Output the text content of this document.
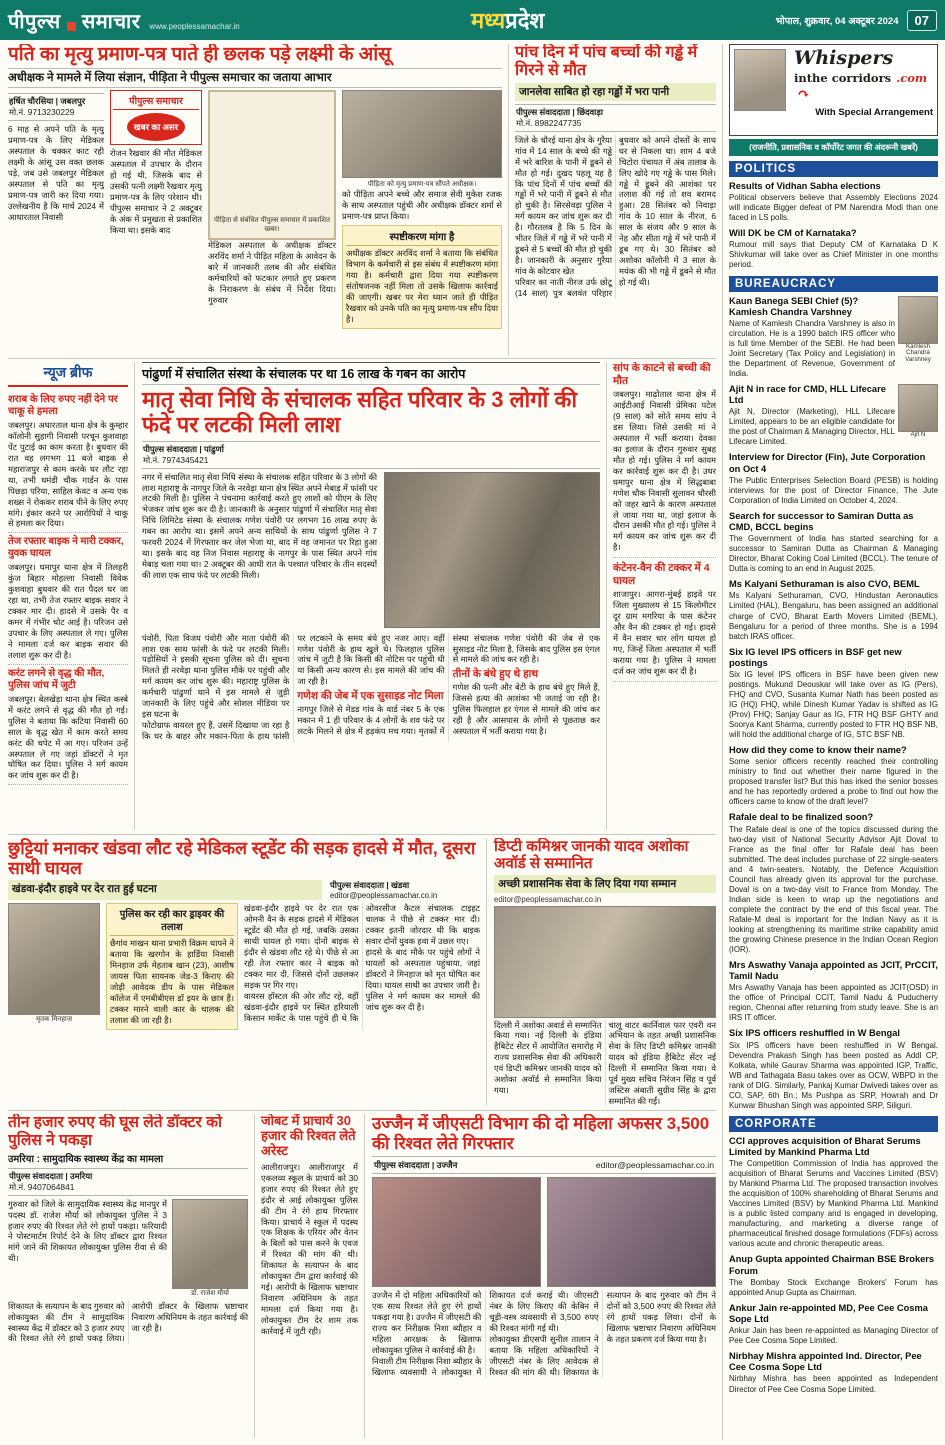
पीपुल्स समाचार www.peoplessamachar.in	मध्यप्रदेश	भोपाल, शुक्रवार, 04 अक्टूबर 2024	07
पति का मृत्यु प्रमाण-पत्र पाते ही छलक पड़े लक्ष्मी के आंसू
अधीक्षक ने मामले में लिया संज्ञान, पीड़िता ने पीपुल्स समाचार का जताया आभार
हर्षित चौरसिया | जबलपुर
मो.नं. 9713230229

6 माह से अपने पति के मृत्यु प्रमाण-पत्र के लिए मेडिकल अस्पताल के चक्कर काट रही लक्ष्मी के आंसू उस वक्त छलक पड़े, जब उसे जबलपुर मेडिकल अस्पताल से पति का मृत्यु प्रमाण-पत्र जारी कर दिया गया। उल्लेखनीय है कि मार्च 2024 में आधारताल निवासी

पीपुल्स समाचार
खबर का असर

रोजन रैखवार की मौत मेडिकल अस्पताल में उपचार के दौरान हो गई थी, जिसके बाद से उसकी पत्नी लक्ष्मी रैखवार मृत्यु प्रमाण-पत्र के लिए परेशान थी। पीपुल्स समाचार ने 2 अक्टूबर के अंक में प्रमुखता से प्रकाशित किया था। इसके बाद

पीड़िता से संबंधित पीपुल्स समाचार में प्रकाशित खबर।

मेडिकल अस्पताल के अधीक्षक डॉक्टर अरविंद शर्मा ने पीड़ित महिला के आवेदन के बारे में जानकारी तलब की और संबंधित कर्मचारियों को फटकार लगाते हुए प्रकरण के निराकरण के संबंध में निर्देश दिया। गुरुवार

पीड़िता को मृत्यु प्रमाण-पत्र सौंपते अधीक्षक।

को पीड़िता अपने बच्चे और समाज सेवी मुकेश रजक के साथ अस्पताल पहुंची और अधीक्षक डॉक्टर शर्मा से प्रमाण-पत्र प्राप्त किया।

स्पष्टीकरण मांगा है

अधीक्षक डॉक्टर अरविंद शर्मा ने बताया कि संबंधित विभाग के कर्मचारी से इस संबंध में स्पष्टीकरण मांगा गया है। कर्मचारी द्वारा दिया गया स्पष्टीकरण संतोषजनक नहीं मिला तो उसके खिलाफ कार्रवाई की जाएगी। खबर पर मेरा ध्यान जाते ही पीड़ित रैखवार को उनके पति का मृत्यु प्रमाण-पत्र सौंप दिया है।

पांच दिन में पांच बच्चों की गड्ढे में गिरने से मौत
जानलेवा साबित हो रहा गड्ढों में भरा पानी
पीपुल्स संवाददाता | छिंदवाड़ा
मो.नं. 8982247735

जिले के चौरई थाना क्षेत्र के गुरैया गांव में 14 साल के बच्चे की गड्ढे में भरे बारिश के पानी में डूबने से मौत हो गई। दुखद पहलू यह है कि पांच दिनों में पांच बच्चों की गड्ढों में भरे पानी में डूबने से मौत हो चुकी है। सिरसेवड़ा पुलिस ने मर्ग कायम कर जांच शुरू कर दी है। गौरतलब है कि 5 दिन के भीतर जिले में गड्ढे में भरे पानी में डूबने से 5 बच्चों की मौत हो चुकी है। जानकारी के अनुसार गुरैया गांव के कोटवार खेत

परिवार का नाती नीरज उर्फ छोटू (14 साल) पुत्र बलवंत परिहार बुधवार को अपने दोस्तों के साथ घर से निकला था। शाम 4 बजे चिटोरा पंचायत में अंब तालाब के लिए खोदे गए गड्ढे के पास मिले। गड्ढे में डूबने की आशंका पर तलाश की गई तो शव बरामद हुआ। 28 सितंबर को निवाड़ा गांव के 10 साल के नीरज, 6 साल के संजय और 9 साल के नेह और सीता गड्ढे में भरे पानी में डूब गए थे। 30 सितंबर को अशोका कॉलोनी में 3 साल के मयंक की भी गड्ढे में डूबने से मौत हो गई थी।

Whispers
inthe corridors .com ↷
With Special Arrangement
(राजनीति, प्रशासनिक व कॉर्पोरेट जगत की अंदरूनी खबरें)
POLITICS
Results of Vidhan Sabha elections
Political observers believe that Assembly Elections 2024 will indicate Bigger defeat of PM Narendra Modi than one faced in LS polls.
Will DK be CM of Karnataka?
Rumour mill says that Deputy CM of Karnataka D K Shivkumar will take over as Chief Minister in one months period.
BUREAUCRACY
Kamlesh Chandra Varshney
Kaun Banega SEBI Chief (5)? Kamlesh Chandra Varshney
Name of Kamlesh Chandra Varshney is also in circulation. He is a 1990 batch IRS officer who is full time Member of the SEBI. He had been Joint Secretary (Tax Policy and Legislation) in the Department of Revenue, Government of India.
Ajit N
Ajit N in race for CMD, HLL Lifecare Ltd
Ajit N, Director (Marketing), HLL Lifecare Limited, appears to be an eligible candidate for the post of Chairman & Managing Director, HLL Lifecare Limited.
Interview for Director (Fin), Jute Corporation on Oct 4
The Public Enterprises Selection Board (PESB) is holding interviews for the post of Director Finance, The Jute Corporation of India Limited on October 4, 2024.
Search for successor to Samiran Dutta as CMD, BCCL begins
The Government of India has started searching for a successor to Samiran Dutta as Chairman & Managing Director, Bharat Coking Coal Limited (BCCL). The tenure of Dutta is coming to an end in August 2025.
Ms Kalyani Sethuraman is also CVO, BEML
Ms Kalyani Sethuraman, CVO, Hindustan Aeronautics Limited (HAL), Bengaluru, has been assigned an additional charge of CVO, Bharat Earth Movers Limited (BEML), Bengaluru for a period of three months. She is a 1994 batch IRAS officer.
Six IG level IPS officers in BSF get new postings
Six IG level IPS officers in BSF have been given new postings. Mukund Deouskar will take over as IG (Pers), FHQ and CVO, Susanta Kumar Nath has been posted as IG (HQ) FHQ, while Dinesh Kumar Yadav is shifted as IG (Prov) FHQ; Sanjay Gaur as IG, FTR HQ BSF GHTY and Soorya Kant Sharma, currently posted to FTR HQ BSF NB, will hold the additional charge of IG, STC BSF NB.
How did they come to know their name?
Some senior officers recently reached their controlling ministry to find out whether their name figured in the proposed transfer list? But this has irked the senior bosses and he has reportedly ordered a probe to find out how the officers came to know of the draft level?
Rafale deal to be finalized soon?
The Rafale deal is one of the topics discussed during the two-day visit of National Security Advisor Ajit Doval to France as the final offer for Rafale deal has been submitted. The deal includes purchase of 22 single-seaters and 4 twin-seaters. Notably, the Defence Acquisition Council has already given its approval for the purchase. Doval is on a two-day visit to France from Monday. The Indian side is keen to wrap up the negotiations and complete the contract by the end of this fiscal year. The Rafale-M deal is important for the Indian Navy as it is looking at strengthening its maritime strike capability amid the growing Chinese presence in the Indian Ocean Region (IOR).
Mrs Aswathy Vanaja appointed as JCIT, PrCCIT, Tamil Nadu
Mrs Aswathy Vanaja has been appointed as JCIT(OSD) in the office of Principal CCIT, Tamil Nadu & Puducherry region, Chennai after returning from study leave. She is an IRS IT officer.
Six IPS officers reshuffled in W Bengal
Six IPS officers have been reshuffled in W Bengal. Devendra Prakash Singh has been posted as Addl CP, Kolkata, while Gaurav Sharma was appointed IGP, Traffic, WB and Tathagata Basu takes over as OCW, WBPD in the rank of DIG. Similarly, Pankaj Kumar Dwivedi takes over as CO, SAP, 6th Bn.; Ms Pushpa as SRP, Howrah and Dr Kunwar Bhushan Singh was appointed SRP, Siliguri.
CORPORATE
CCI approves acquisition of Bharat Serums Limited by Mankind Pharma Ltd
The Competition Commission of India has approved the acquisition of Bharat Serums and Vaccines Limited (BSV) by Mankind Pharma Ltd. The proposed transaction involves the acquisition of 100% shareholding of Bharat Serums and Vaccines Limited (BSV) by Mankind Pharma Ltd. Mankind is a public listed company and is engaged in developing, manufacturing, and marketing a diverse range of pharmaceutical finished dosage formulations (FDFs) across various acute and chronic therapeutic areas.
Anup Gupta appointed Chairman BSE Brokers Forum
The Bombay Stock Exchange Brokers' Forum has appointed Anup Gupta as Chairman.
Ankur Jain re-appointed MD, Pee Cee Cosma Sope Ltd
Ankur Jain has been re-appointed as Managing Director of Pee Cee Cosma Sope Limited.
Nirbhay Mishra appointed Ind. Director, Pee Cee Cosma Sope Ltd
Nirbhay Mishra has been appointed as Independent Director of Pee Cee Cosma Sope Limited.
न्यूज ब्रीफ
शराब के लिए रुपए नहीं देने पर चाकू से हमला

जबलपुर। अधारताल थाना क्षेत्र के कुम्हार कॉलोनी सुहागी निवासी परचून कुशवाहा पेंट पुटाई का काम करता है। बुधवार की रात वह लगभग 11 बजे बाइक से महाराजपुर से काम करके घर लौट रहा था, तभी घमंडी चौक गार्डन के पास पिछड़ा परिया, साहिल केवट व अन्य एक शख्स ने रोककर शराब पीने के लिए रुपए मांगे। इंकार करने पर आरोपियों ने चाकू से हमला कर दिया।

तेज रफ्तार बाइक ने मारी टक्कर, युवक घायल

जबलपुर। घमापुर थाना क्षेत्र में तिलहरी कुंज बिहार मोहल्ला निवासी विवेक कुशवाहा बुधवार की रात पैदल घर जा रहा था, तभी तेज रफ्तार बाइक सवार ने टक्कर मार दी। हादसे में उसके पैर व कमर में गंभीर चोट आई है। परिजन उसे उपचार के लिए अस्पताल ले गए। पुलिस ने मामला दर्ज कर बाइक सवार की तलाश शुरू कर दी है।

करंट लगने से वृद्ध की मौत, पुलिस जांच में जुटी

जबलपुर। बेलखेड़ा थाना क्षेत्र स्थित कस्बे में करंट लगने से वृद्ध की मौत हो गई। पुलिस ने बताया कि कटिया निवासी 60 साल के वृद्ध खेत में काम करते समय करंट की चपेट में आ गए। परिजन उन्हें अस्पताल ले गए जहां डॉक्टरों ने मृत घोषित कर दिया। पुलिस ने मर्ग कायम कर जांच शुरू कर दी है।

पांढुर्णा में संचालित संस्था के संचालक पर था 16 लाख के गबन का आरोप
मातृ सेवा निधि के संचालक सहित परिवार के 3 लोगों की फंदे पर लटकी मिली लाश
पीपुल्स संवाददाता | पांढुर्णा
मो.नं. 7974345421

नगर में संचालित मातृ सेवा निधि संस्था के संचालक सहित परिवार के 3 लोगों की लाश महाराष्ट्र के नागपुर जिले के नरवेड़ा थाना क्षेत्र स्थित अपने मेबाड़ में फांसी पर लटकी मिली है। पुलिस ने पंचनामा कार्रवाई करते हुए लाशों को पीएम के लिए भेजकर जांच शुरू कर दी है। जानकारी के अनुसार पांढुर्णा में संचालित मातृ सेवा निधि लिमिटेड संस्था के संचालक गणेश पंवोरी पर लगभग 16 लाख रुपए के गबन का आरोप था। इसमें अपने अन्य साथियों के साथ पांढुर्णा पुलिस ने 7 फरवरी 2024 में गिरफ्तार कर जेल भेजा था, बाद में वह जमानत पर रिहा हुआ था। इसके बाद वह निज निवास महाराष्ट्र के नागपुर के पास स्थित अपने गांव मेबाड़ चला गया था। 2 अक्टूबर की आधी रात के पश्चात परिवार के तीन सदस्यों की लाश एक साथ फंदे पर लटकी मिली।

पंवोरी, पिता विजय पंवोरी और माता पंवोरी की लाश एक साथ फांसी के फंदे पर लटकी मिली। पड़ोसियों ने इसकी सूचना पुलिस को दी। सूचना मिलते ही नरवेड़ा थाना पुलिस मौके पर पहुंची और मर्ग कायम कर जांच शुरू की। महाराष्ट्र पुलिस के कर्मचारी पांढुर्णा थाने में इस मामले से जुड़ी जानकारी के लिए पहुंचे और सोशल मीडिया पर इस घटना के

फोटोग्राफ वायरल हुए हैं, उसमें दिखाया जा रहा है कि घर के बाहर और मकान-पिता के हाथ फांसी पर लटकाने के समय बंधे हुए नजर आए। वहीं गणेश पंवोरी के हाथ खुले थे। फिलहाल पुलिस जांच में जुटी है कि किसी की नोटिस पर पहुंची थी या किसी अन्य कारण से। इस मामले की जांच की जा रही है।

गणेश की जेब में एक सुसाइड नोट मिला

नागपुर जिले से मेडड गांव के वार्ड नंबर 5 के एक मकान में 1 ही परिवार के 4 लोगों के शव फंदे पर लटके मिलने से क्षेत्र में हड़कंप मच गया। मृतकों में संस्था संचालक गणेश पंवोरी की जेब से एक सुसाइड नोट मिला है, जिसके बाद पुलिस इस एंगल से मामले की जांच कर रही है।

तीनों के बंधे हुए थे हाथ

गणेश की पत्नी और बेटी के हाथ बंधे हुए मिले हैं, जिससे हत्या की आशंका भी जताई जा रही है। पुलिस फिलहाल हर एंगल से मामले की जांच कर रही है और आसपास के लोगों से पूछताछ कर अस्पताल में भर्ती कराया गया है।

सांप के काटने से बच्ची की मौत

जबलपुर। माढ़ोताल थाना क्षेत्र में आईटीआई निवासी प्रेमिका पटेल (9 साल) को सोते समय सांप ने डस लिया। जिसे उसकी मां ने अस्पताल में भर्ती कराया। देवका का इलाज के दौरान गुरुवार सुबह मौत हो गई। पुलिस ने मर्ग कायम कर कार्रवाई शुरू कर दी है। उधर घमापुर थाना क्षेत्र में सिद्धबाबा गणेश चौक निवासी सुलावन चौरसी को जहर खाने के कारण अस्पताल ले जाया गया था, जहां इलाज के दौरान उसकी मौत हो गई। पुलिस ने मर्ग कायम कर जांच शुरू कर दी है।

कंटेनर-वैन की टक्कर में 4 घायल

शाजापुर। आगरा-मुंबई हाइवे पर जिला मुख्यालय से 15 किलोमीटर दूर ग्राम मगरिया के पास कंटेनर और वैन की टक्कर हो गई। हादसे में वैन सवार चार लोग घायल हो गए, जिन्हें जिला अस्पताल में भर्ती कराया गया है। पुलिस ने मामला दर्ज कर जांच शुरू कर दी है।

छुट्टियां मनाकर खंडवा लौट रहे मेडिकल स्टूडेंट की सड़क हादसे में मौत, दूसरा साथी घायल
खंडवा-इंदौर हाइवे पर देर रात हुई घटना	पीपुल्स संवाददाता | खंडवा
editor@peoplessamachar.co.in
मृतक मिनहाज
पुलिस कर रही कार ड्राइवर की तलाश

छैगांव माखन थाना प्रभारी विक्रम थापने ने बताया कि खरगोन के हार्डिया निवासी मिनहाज उर्फ मेहताब खान (23), आशीष जायस पिता सायनक जेड-3 किराए की जोड़ी आवेदक डीप के पास मेडिकल कॉलेज में एमबीबीएस डॉ इयर के छात्र हैं। टक्कर मारने वाली कार के चालक की तलाश की जा रही है।

खंडवा-इंदौर हाइवे पर देर रात एक ओमनी वैन के सड़क हादसे में मेडिकल स्टूडेंट की मौत हो गई, जबकि उसका साथी घायल हो गया। दोनों बाइक से इंदौर से खंडवा लौट रहे थे। पीछे से आ रही तेज रफ्तार कार ने बाइक को टक्कर मार दी, जिससे दोनों उछलकर सड़क पर गिर गए।

वायरस हॉस्टल की ओर लौट रहे, वहीं खंडवा-इंदौर हाइवे पर स्थित हरियाली किसान मार्केट के पास पहुंचे ही थे कि ओवरसीज कैटल संचालक टाइहट चालक ने पीछे से टक्कर मार दी। टक्कर इतनी जोरदार थी कि बाइक सवार दोनों युवक हवा में उछल गए।

हादसे के बाद मौके पर पहुंचे लोगों ने घायलों को अस्पताल पहुंचाया, जहां डॉक्टरों ने मिनहाज को मृत घोषित कर दिया। घायल साथी का उपचार जारी है। पुलिस ने मर्ग कायम कर मामले की जांच शुरू कर दी है।

डिप्टी कमिश्नर जानकी यादव अशोका अवॉर्ड से सम्मानित
अच्छी प्रशासनिक सेवा के लिए दिया गया सम्मान
editor@peoplessamachar.co.in

दिल्ली में अशोका अवार्ड से सम्मानित किया गया। नई दिल्ली के इंडिया हैबिटेट सेंटर में आयोजित समारोह में राज्य प्रशासनिक सेवा की अधिकारी एवं डिप्टी कमिश्नर जानकी यादव को अशोका अवॉर्ड से सम्मानित किया गया।

चालू वाटर कार्निवाल फार एवरी वन अभियान के तहत अच्छी प्रशासनिक सेवा के लिए डिप्टी कमिश्नर जानकी यादव को इंडिया हैबिटेट सेंटर नई दिल्ली में सम्मानित किया गया। वे पूर्व मुख्य सचिव निरंजन सिंह व पूर्व जस्टिस अंबाती सुग्रीव सिंह के द्वारा सम्मानित की गईं।

तीन हजार रुपए की घूस लेते डॉक्टर को पुलिस ने पकड़ा
उमरिया : सामुदायिक स्वास्थ्य केंद्र का मामला
पीपुल्स संवाददाता | उमरिया
मो.नं. 9407064841

गुरुवार को जिले के सामुदायिक स्वास्थ्य केंद्र मानपुर में पदस्थ डॉ. राजेश मौर्या को लोकायुक्त पुलिस ने 3 हजार रुपए की रिश्वत लेते रंगे हाथों पकड़ा। फरियादी ने पोस्टमार्टम रिपोर्ट देने के लिए डॉक्टर द्वारा रिश्वत मांगे जाने की शिकायत लोकायुक्त पुलिस रीवा से की थी।

डॉ. राजेश मौर्या

शिकायत के सत्यापन के बाद गुरुवार को लोकायुक्त की टीम ने सामुदायिक स्वास्थ्य केंद्र में डॉक्टर को 3 हजार रुपए की रिश्वत लेते रंगे हाथों पकड़ लिया। आरोपी डॉक्टर के खिलाफ भ्रष्टाचार निवारण अधिनियम के तहत कार्रवाई की जा रही है।

जोबट में प्राचार्य 30 हजार की रिश्वत लेते अरेस्ट

आलीराजपुर। आलीराजपुर में एकलव्य स्कूल के प्राचार्य को 30 हजार रुपए की रिश्वत लेते हुए इंदौर से आई लोकायुक्त पुलिस की टीम ने रंगे हाथ गिरफ्तार किया। प्राचार्य ने स्कूल में पदस्थ एक शिक्षक के एरियर और वेतन के बिलों को पास करने के एवज में रिश्वत की मांग की थी। शिकायत के सत्यापन के बाद लोकायुक्त टीम द्वारा कार्रवाई की गई। आरोपी के खिलाफ भ्रष्टाचार निवारण अधिनियम के तहत मामला दर्ज किया गया है। लोकायुक्त टीम देर शाम तक कार्रवाई में जुटी रही।

उज्जैन में जीएसटी विभाग की दो महिला अफसर 3,500 की रिश्वत लेते गिरफ्तार
पीपुल्स संवाददाता | उज्जैन	editor@peoplessamachar.co.in

उज्जैन में दो महिला अधिकारियों को एक साथ रिश्वत लेते हुए रंगे हाथों पकड़ा गया है। उज्जैन में जीएसटी की राज्य कर निरीक्षक निशा ब्यौहार व महिला आरक्षक के खिलाफ लोकायुक्त पुलिस ने कार्रवाई की है।

निवाली टीम निरीक्षक निशा ब्यौहार के खिलाफ व्यवसायी ने लोकायुक्त में शिकायत दर्ज कराई थी। जीएसटी नंबर के लिए किराए की केबिन में चूड़ी-वस्त्र व्यवसायी से 3,500 रुपए की रिश्वत मांगी गई थी।

लोकायुक्त डीएसपी सुनील तालान ने बताया कि महिला अधिकारियों ने जीएसटी नंबर के लिए आवेदक से रिश्वत की मांग की थी। शिकायत के सत्यापन के बाद गुरुवार को टीम ने दोनों को 3,500 रुपए की रिश्वत लेते रंगे हाथों पकड़ लिया। दोनों के खिलाफ भ्रष्टाचार निवारण अधिनियम के तहत प्रकरण दर्ज किया गया है।
